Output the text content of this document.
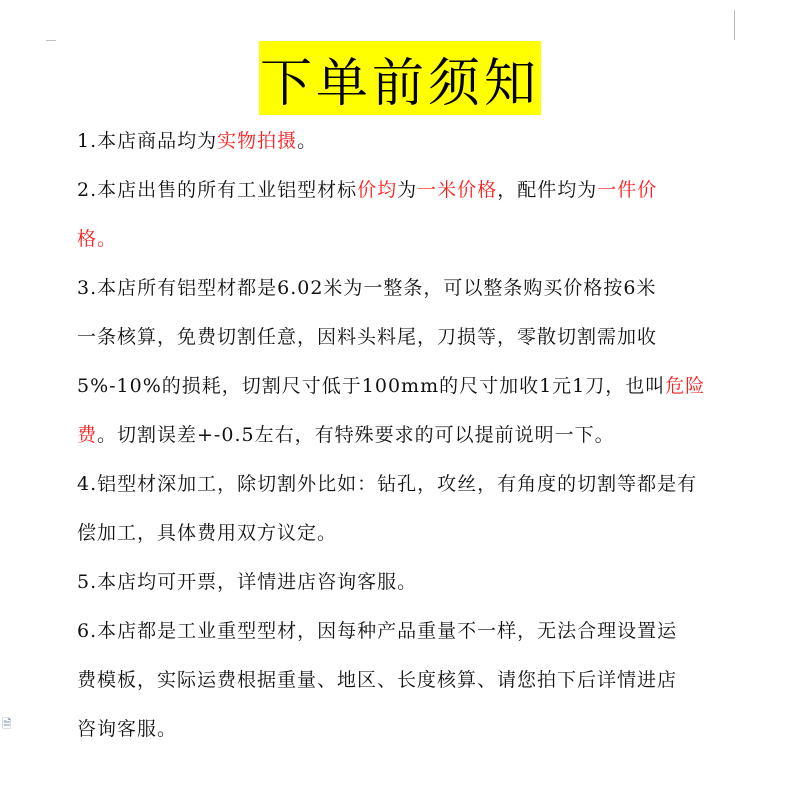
🗎
下单前须知
1.本店商品均为实物拍摄。
2.本店出售的所有工业铝型材标价均为一米价格，配件均为一件价
格。
3.本店所有铝型材都是6.02米为一整条，可以整条购买价格按6米
一条核算，免费切割任意，因料头料尾，刀损等，零散切割需加收
5%-10%的损耗，切割尺寸低于100mm的尺寸加收1元1刀，也叫危险
费。切割误差+-0.5左右，有特殊要求的可以提前说明一下。
4.铝型材深加工，除切割外比如：钻孔，攻丝，有角度的切割等都是有
偿加工，具体费用双方议定。
5.本店均可开票，详情进店咨询客服。
6.本店都是工业重型型材，因每种产品重量不一样，无法合理设置运
费模板，实际运费根据重量、地区、长度核算、请您拍下后详情进店
咨询客服。
